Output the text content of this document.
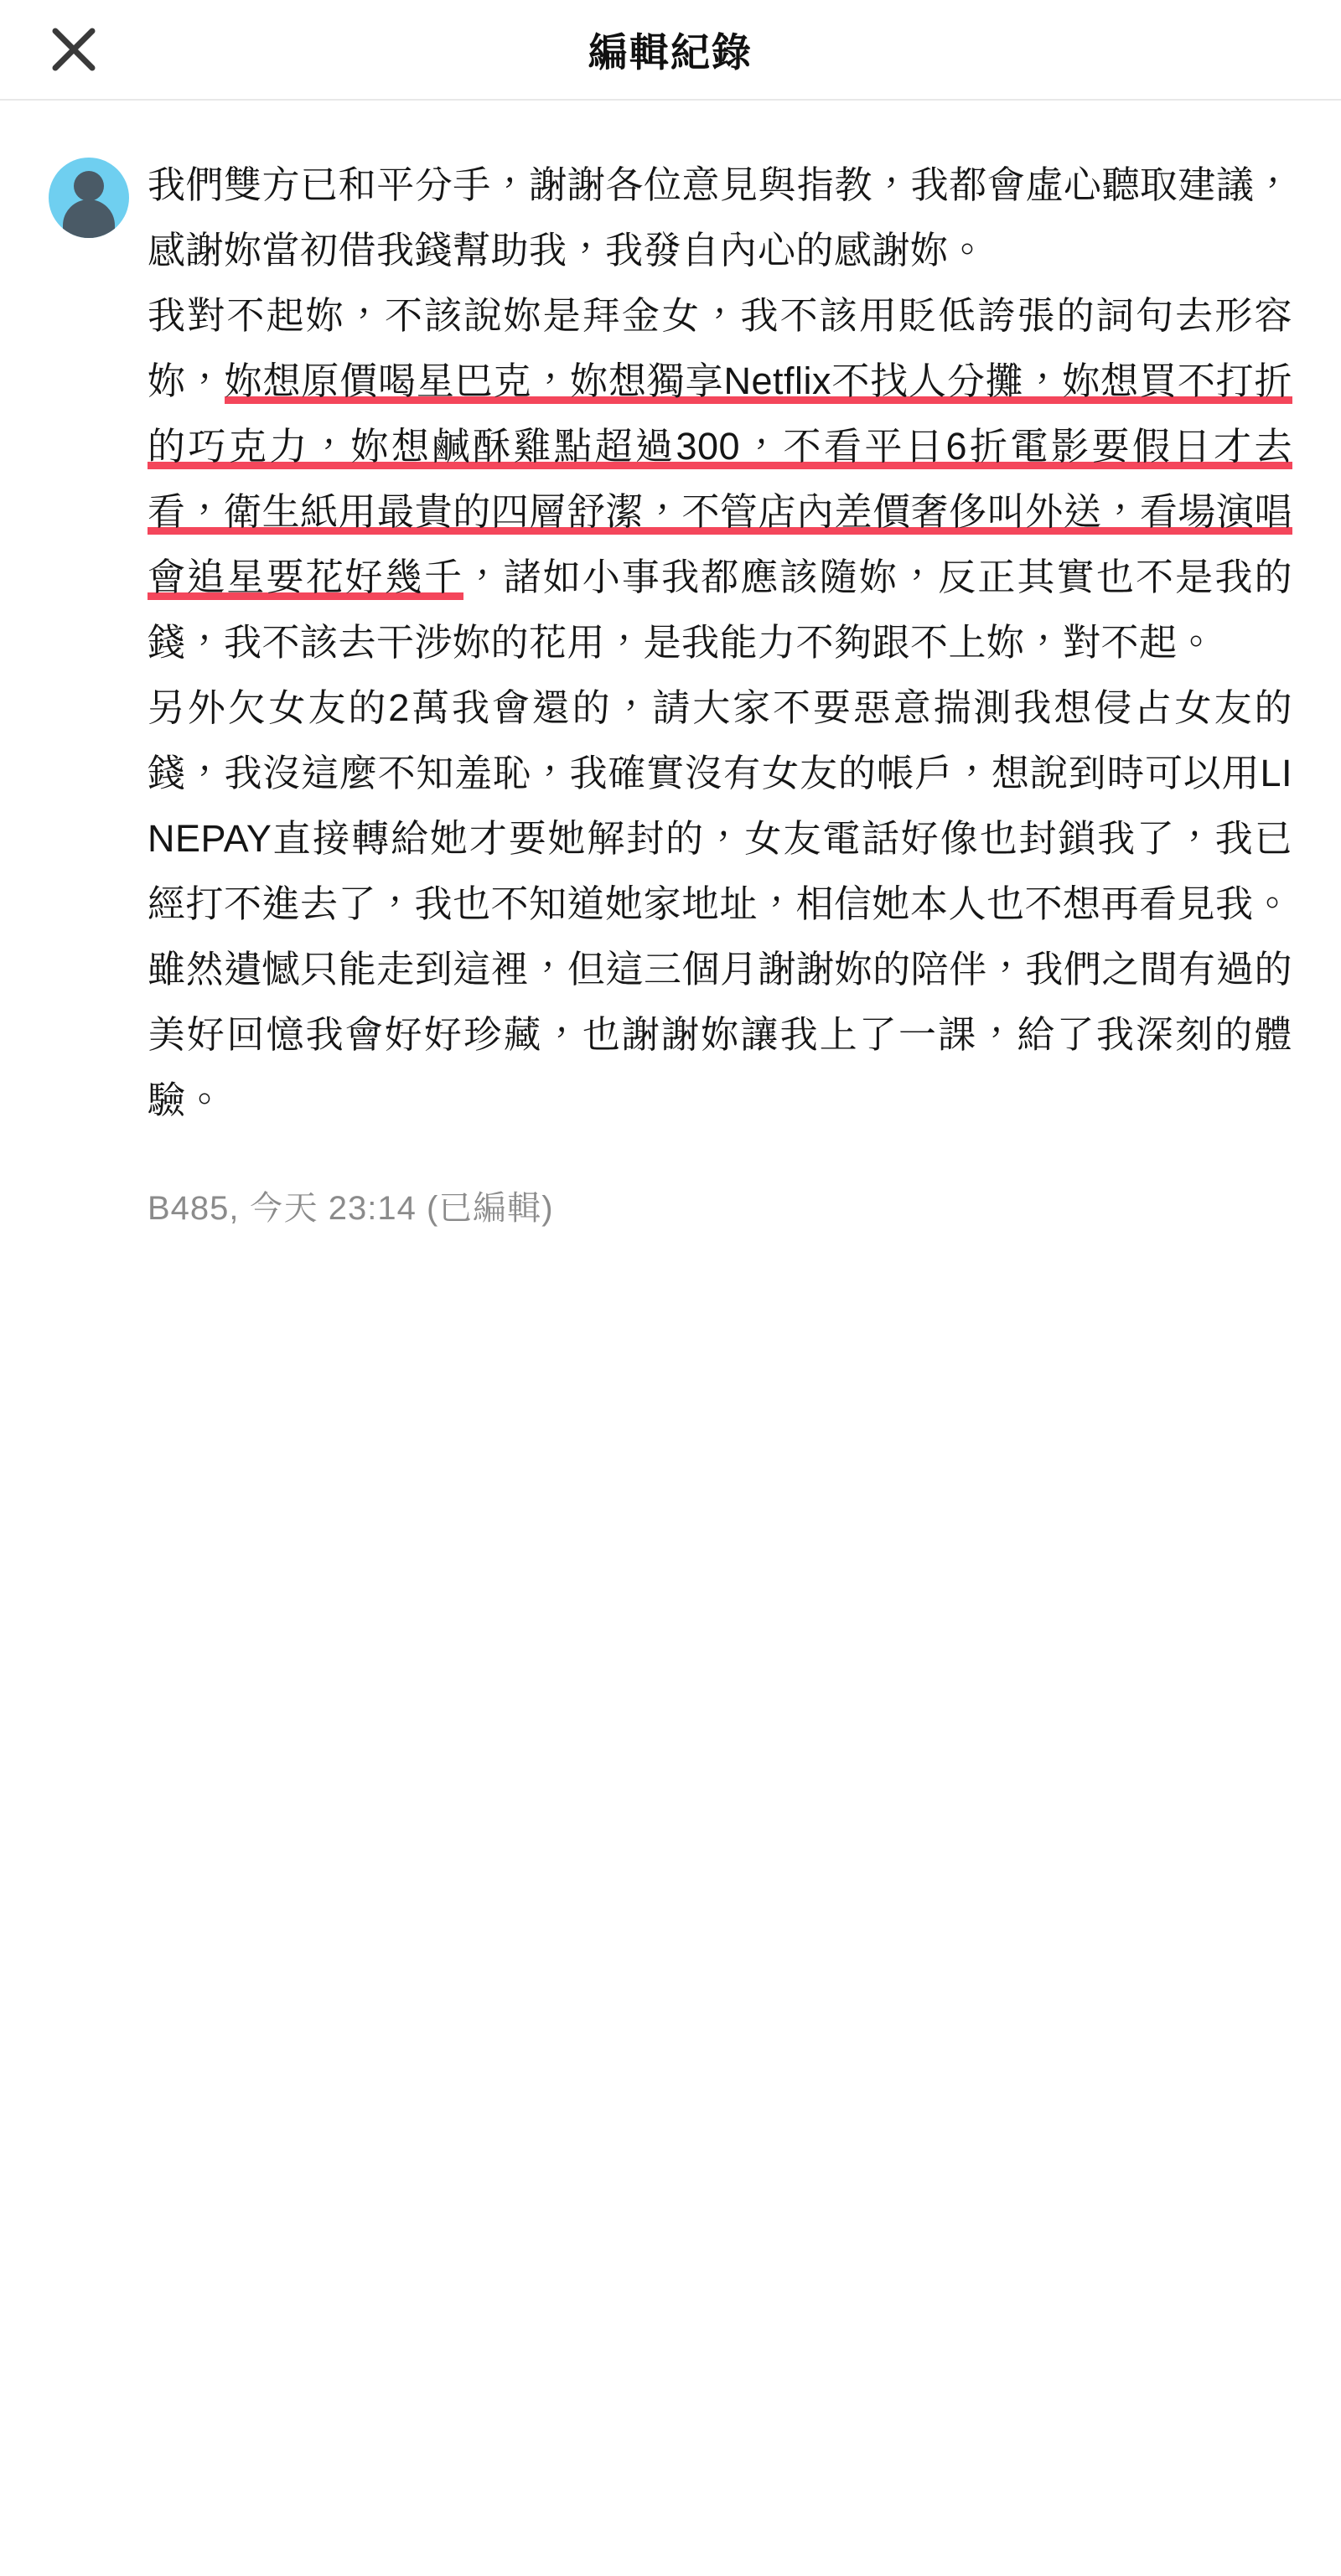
編輯紀錄

我們雙方已和平分手，謝謝各位意見與指教，我都會虛心聽取建議，感謝妳當初借我錢幫助我，我發自內心的感謝妳。

我對不起妳，不該說妳是拜金女，我不該用貶低誇張的詞句去形容妳，妳想原價喝星巴克，妳想獨享Netflix不找人分攤，妳想買不打折的巧克力，妳想鹹酥雞點超過300，不看平日6折電影要假日才去看，衛生紙用最貴的四層舒潔，不管店內差價奢侈叫外送，看場演唱會追星要花好幾千，諸如小事我都應該隨妳，反正其實也不是我的錢，我不該去干涉妳的花用，是我能力不夠跟不上妳，對不起。

另外欠女友的2萬我會還的，請大家不要惡意揣測我想侵占女友的錢，我沒這麼不知羞恥，我確實沒有女友的帳戶，想說到時可以用LINEPAY直接轉給她才要她解封的，女友電話好像也封鎖我了，我已經打不進去了，我也不知道她家地址，相信她本人也不想再看見我。

雖然遺憾只能走到這裡，但這三個月謝謝妳的陪伴，我們之間有過的美好回憶我會好好珍藏，也謝謝妳讓我上了一課，給了我深刻的體驗。

B485, 今天 23:14 (已編輯)
